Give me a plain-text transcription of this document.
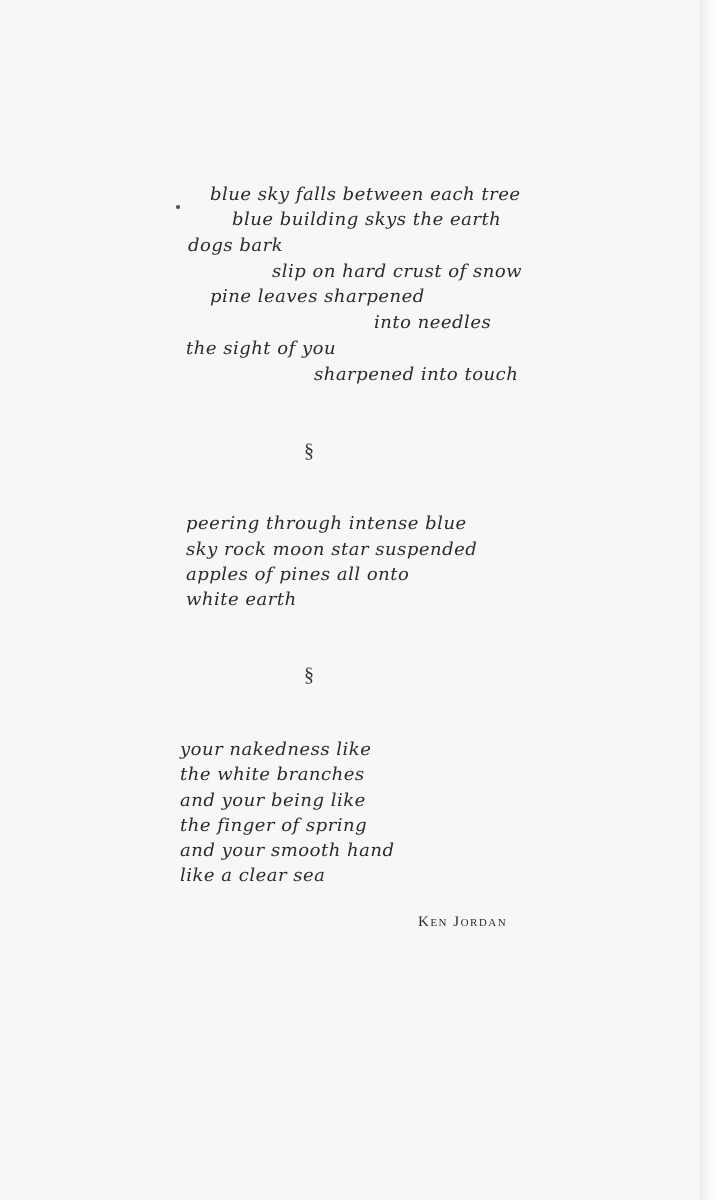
blue sky falls between each tree
blue building skys the earth
dogs bark
slip on hard crust of snow
pine leaves sharpened
into needles
the sight of you
sharpened into touch
§
peering through intense blue
sky rock moon star suspended
apples of pines all onto
white earth
§
your nakedness like
the white branches
and your being like
the finger of spring
and your smooth hand
like a clear sea
Ken Jordan
